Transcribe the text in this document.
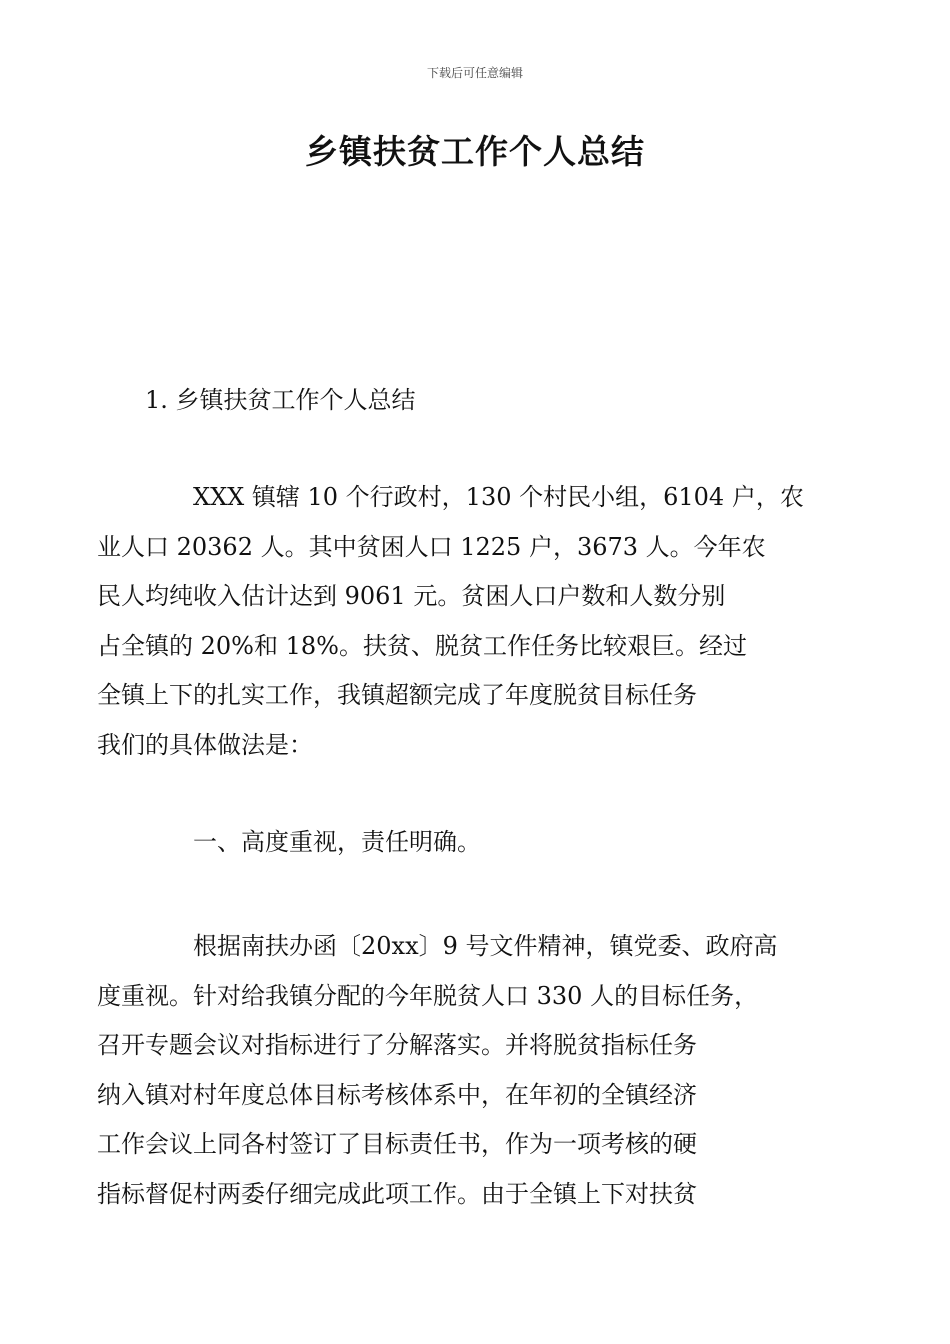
下载后可任意编辑
乡镇扶贫工作个人总结
1. 乡镇扶贫工作个人总结

XXX 镇辖 10 个行政村，130 个村民小组，6104 户，农
业人口 20362 人。其中贫困人口 1225 户，3673 人。今年农
民人均纯收入估计达到 9061 元。贫困人口户数和人数分别
占全镇的 20%和 18%。扶贫、脱贫工作任务比较艰巨。经过
全镇上下的扎实工作，我镇超额完成了年度脱贫目标任务
我们的具体做法是：

一、高度重视，责任明确。

根据南扶办函〔20xx〕9 号文件精神，镇党委、政府高
度重视。针对给我镇分配的今年脱贫人口 330 人的目标任务，
召开专题会议对指标进行了分解落实。并将脱贫指标任务
纳入镇对村年度总体目标考核体系中，在年初的全镇经济
工作会议上同各村签订了目标责任书，作为一项考核的硬
指标督促村两委仔细完成此项工作。由于全镇上下对扶贫
